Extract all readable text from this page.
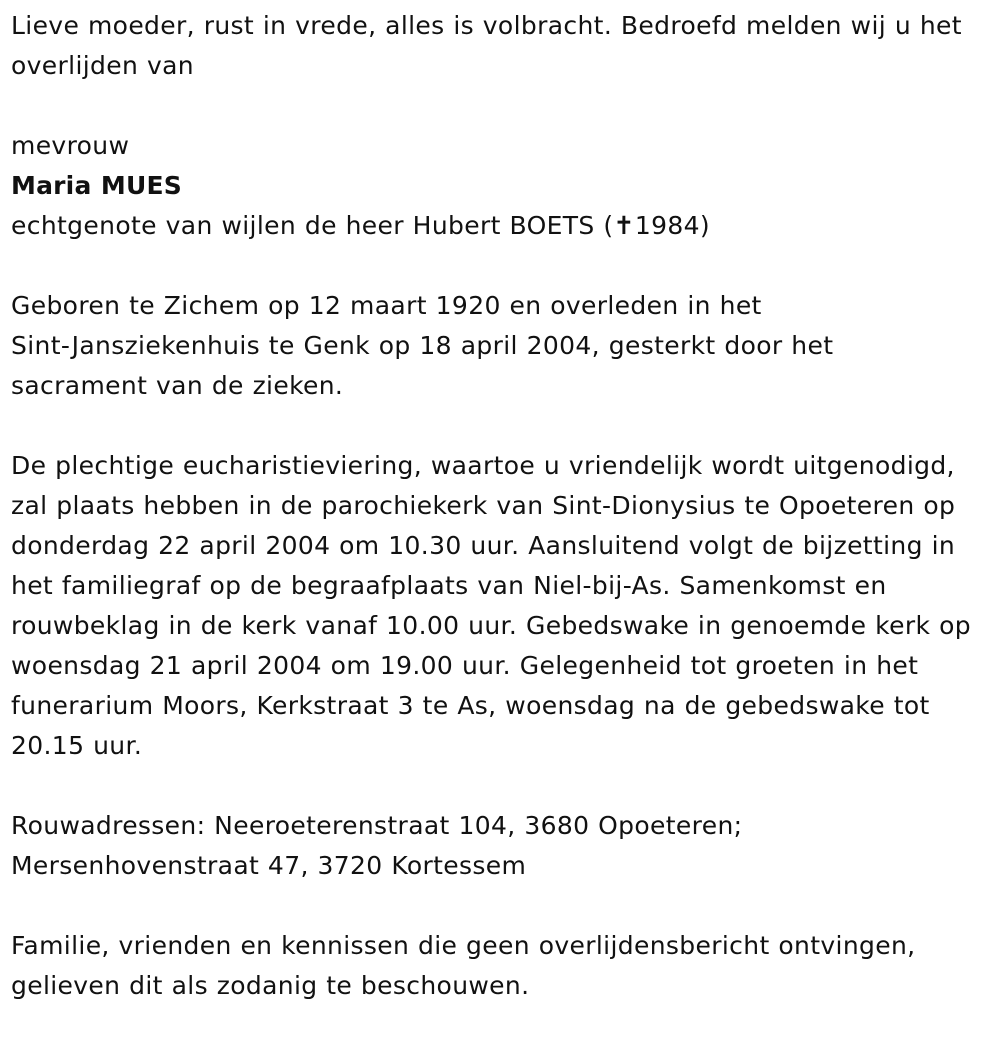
Lieve moeder, rust in vrede, alles is volbracht. Bedroefd melden wij u het
overlijden van

mevrouw

Maria MUES

echtgenote van wijlen de heer Hubert BOETS (✝1984)

Geboren te Zichem op 12 maart 1920 en overleden in het
Sint-Jansziekenhuis te Genk op 18 april 2004, gesterkt door het
sacrament van de zieken.

De plechtige eucharistieviering, waartoe u vriendelijk wordt uitgenodigd,
zal plaats hebben in de parochiekerk van Sint-Dionysius te Opoeteren op
donderdag 22 april 2004 om 10.30 uur. Aansluitend volgt de bijzetting in
het familiegraf op de begraafplaats van Niel-bij-As. Samenkomst en
rouwbeklag in de kerk vanaf 10.00 uur. Gebedswake in genoemde kerk op
woensdag 21 april 2004 om 19.00 uur. Gelegenheid tot groeten in het
funerarium Moors, Kerkstraat 3 te As, woensdag na de gebedswake tot
20.15 uur.

Rouwadressen: Neeroeterenstraat 104, 3680 Opoeteren;
Mersenhovenstraat 47, 3720 Kortessem

Familie, vrienden en kennissen die geen overlijdensbericht ontvingen,
gelieven dit als zodanig te beschouwen.
